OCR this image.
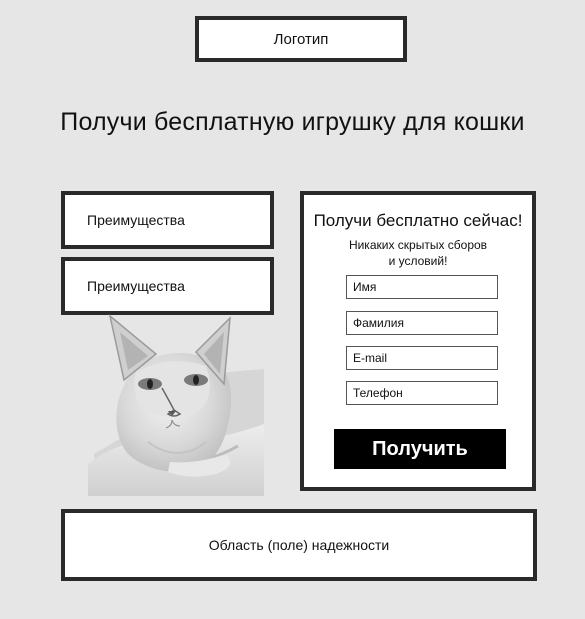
Логотип
Получи бесплатную игрушку для кошки
Преимущества
Преимущества
Получи бесплатно сейчас!
Никаких скрытых сборов
и условий!
Имя
Фамилия
E-mail
Телефон
Получить
Область (поле) надежности
